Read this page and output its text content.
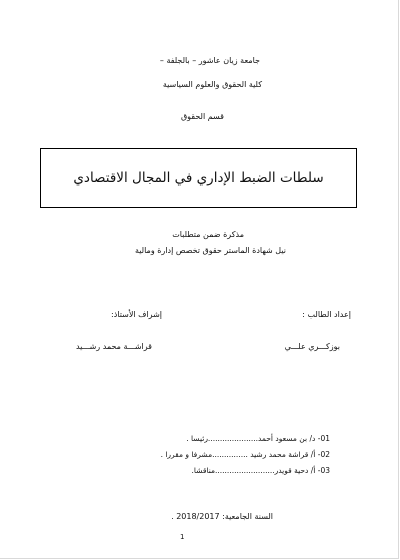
جامعة زيان عاشور – بالجلفة –
كلية الحقوق والعلوم السياسية
قسم الحقوق
سلطات الضبط الإداري في المجال الاقتصادي
مذكرة ضمن متطلبات
نيل شهادة الماستر حقوق تخصص إدارة ومالية
إعداد الطالب :
إشراف الأستاذ:
بوزكـــري علـــي
قراشـــة محمد رشـــيد
01- د/ بن مسعود أحمد.....................رئيسا .
02- أ/ قراشة محمد رشيد ...............مشرفا و مقررا .
03- أ/ دحية قويدر.........................مناقشا.
السنة الجامعية: 2018/2017 .
1
